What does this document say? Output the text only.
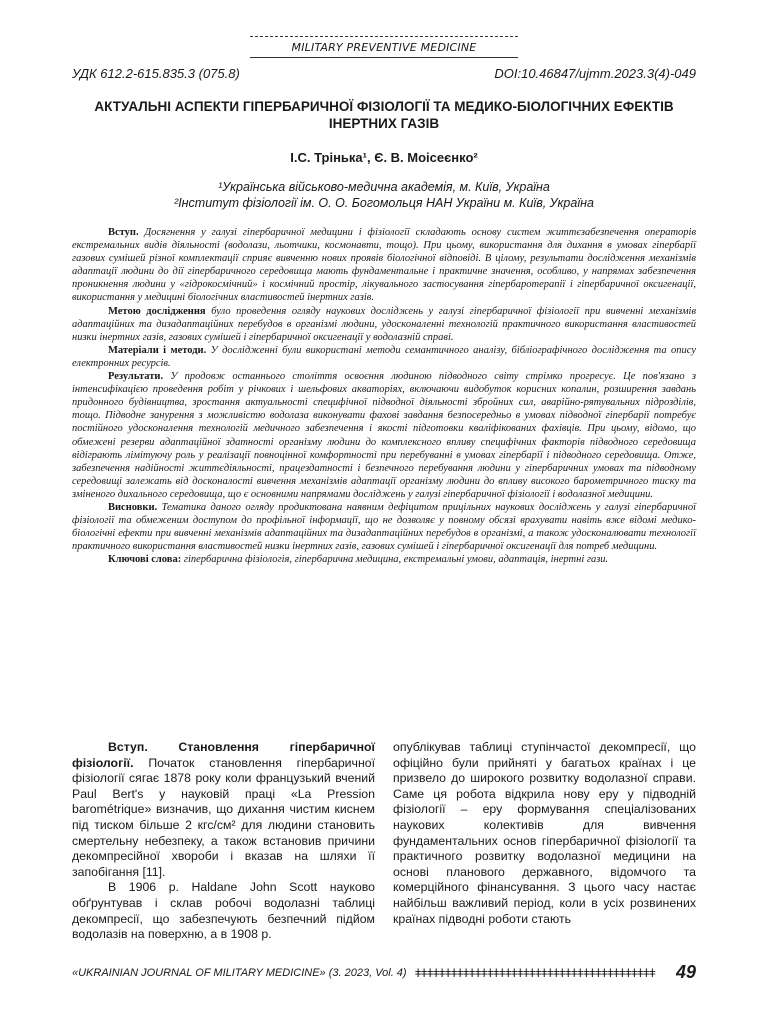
MILITARY PREVENTIVE MEDICINE
УДК 612.2-615.835.3 (075.8)	DOI:10.46847/ujmm.2023.3(4)-049
АКТУАЛЬНІ АСПЕКТИ ГІПЕРБАРИЧНОЇ ФІЗІОЛОГІЇ ТА МЕДИКО-БІОЛОГІЧНИХ ЕФЕКТІВ ІНЕРТНИХ ГАЗІВ
І.С. Трінька¹, Є. В. Моісеєнко²
¹Українська військово-медична академія, м. Київ, Україна
²Інститут фізіології ім. О. О. Богомольця НАН України м. Київ, Україна

Вступ. Досягнення у галузі гіпербаричної медицини і фізіології складають основу систем життєзабезпечення операторів екстремальних видів діяльності (водолази, льотчики, космонавти, тощо). При цьому, використання для дихання в умовах гіпербарії газових сумішей різної комплектації сприяє вивченню нових проявів біологічної відповіді. В цілому, результати дослідження механізмів адаптації людини до дії гіпербаричного середовища мають фундаментальне і практичне значення, особливо, у напрямах забезпечення проникнення людини у «гідрокосмічний» і космічний простір, лікувального застосування гіпербаротерапії і гіпербаричної оксигенації, використання у медицині біологічних властивостей інертних газів.

Метою дослідження було проведення огляду наукових досліджень у галузі гіпербаричної фізіології при вивченні механізмів адаптаційних та дизадаптаційних перебудов в організмі людини, удосконаленні технологій практичного використання властивостей низки інертних газів, газових сумішей і гіпербаричної оксигенації у водолазній справі.

Матеріали і методи. У дослідженні були використані методи семантичного аналізу, бібліографічного дослідження та опису електронних ресурсів.

Результати. У продовж останнього століття освоєння людиною підводного світу стрімко прогресує. Це пов'язано з інтенсифікацією проведення робіт у річкових і шельфових акваторіях, включаючи видобуток корисних копалин, розширення завдань придонного будівництва, зростання актуальності специфічної підводної діяльності збройних сил, аварійно-рятувальних підрозділів, тощо. Підводне занурення з можливістю водолаза виконувати фахові завдання безпосередньо в умовах підводної гіпербарії потребує постійного удосконалення технологій медичного забезпечення і якості підготовки кваліфікованих фахівців. При цьому, відомо, що обмежені резерви адаптаційної здатності організму людини до комплексного впливу специфічних факторів підводного середовища відіграють лімітуючу роль у реалізації повноцінної комфортності при перебуванні в умовах гіпербарії і підводного середовища. Отже, забезпечення надійності життєдіяльності, працездатності і безпечного перебування людини у гіпербаричних умовах та підводному середовищі залежать від досконалості вивчення механізмів адаптації організму людини до впливу високого барометричного тиску та зміненого дихального середовища, що є основними напрямами досліджень у галузі гіпербаричної фізіології і водолазної медицини.

Висновки. Тематика даного огляду продиктована наявним дефіцитом прицільних наукових досліджень у галузі гіпербаричної фізіології та обмеженим доступом до профільної інформації, що не дозволяє у повному обсязі врахувати навіть вже відомі медико-біологічні ефекти при вивченні механізмів адаптаційних та дизадаптаційних перебудов в організмі, а також удосконалювати технології практичного використання властивостей низки інертних газів, газових сумішей і гіпербаричної оксигенації для потреб медицини.

Ключові слова: гіпербарична фізіологія, гіпербарична медицина, екстремальні умови, адаптація, інертні гази.

Вступ. Становлення гіпербаричної фізіології. Початок становлення гіпербаричної фізіології сягає 1878 року коли французький вчений Paul Bert's у науковій праці «La Pression barométrique» визначив, що дихання чистим киснем під тиском більше 2 кгс/см² для людини становить смертельну небезпеку, а також встановив причини декомпресійної хвороби і вказав на шляхи її запобігання [11].

В 1906 р. Haldane John Scott науково обґрунтував і склав робочі водолазні таблиці декомпресії, що забезпечують безпечний підйом водолазів на поверхню, а в 1908 р.

опублікував таблиці ступінчастої декомпресії, що офіційно були прийняті у багатьох країнах і це призвело до широкого розвитку водолазної справи. Саме ця робота відкрила нову еру у підводній фізіології – еру формування спеціалізованих наукових колективів для вивчення фундаментальних основ гіпербаричної фізіології та практичного розвитку водолазної медицини на основі планового державного, відомчого та комерційного фінансування. З цього часу настає найбільш важливий період, коли в усіх розвинених країнах підводні роботи стають

«UKRAINIAN JOURNAL OF MILITARY MEDICINE» (3. 2023, Vol. 4) ǂǂǂǂǂǂǂǂǂǂǂǂǂǂǂǂǂǂǂǂǂǂǂǂǂǂǂǂǂǂǂǂǂǂǂǂǂǂǂǂ	49
